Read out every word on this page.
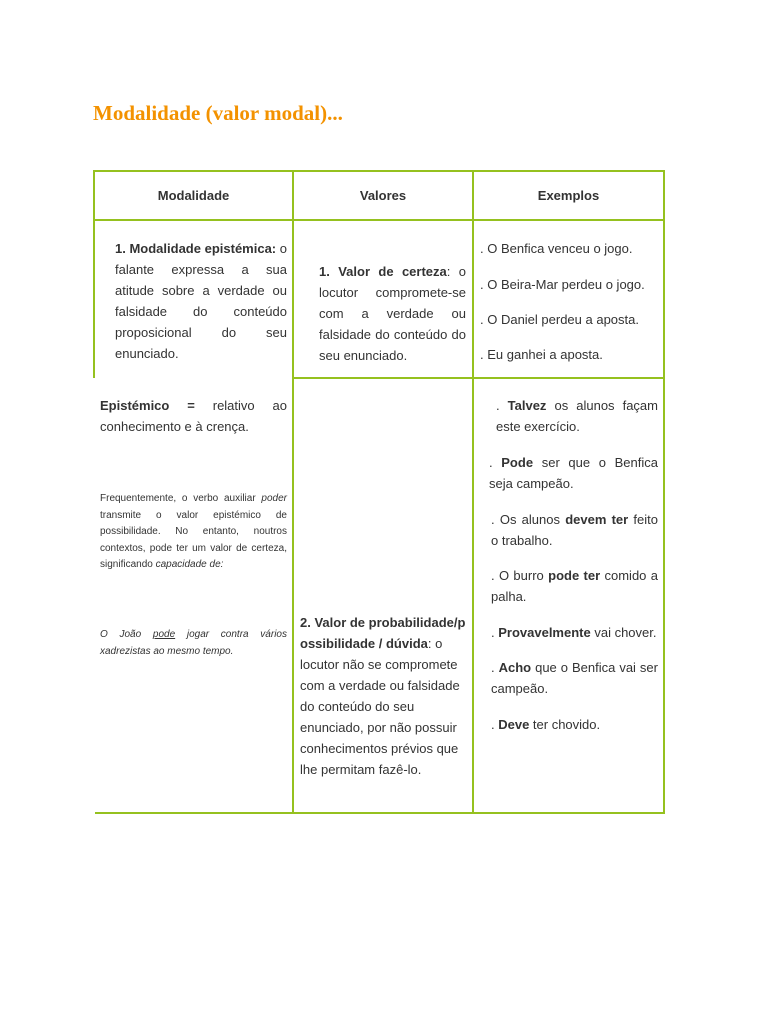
Modalidade (valor modal)...
Modalidade	Valores	Exemplos
1. Modalidade epistémica: o falante expressa a sua atitude sobre a verdade ou falsidade do conteúdo proposicional do seu enunciado.
1. Valor de certeza: o locutor compromete-se com a verdade ou falsidade do conteúdo do seu enunciado.
. O Benfica venceu o jogo.
. O Beira-Mar perdeu o jogo.
. O Daniel perdeu a aposta.
. Eu ganhei a aposta.
Epistémico = relativo ao conhecimento e à crença.
Frequentemente, o verbo auxiliar poder transmite o valor epistémico de possibilidade. No entanto, noutros contextos, pode ter um valor de certeza, significando capacidade de:
O João pode jogar contra vários xadrezistas ao mesmo tempo.
2. Valor de probabilidade/possibilidade / dúvida: o locutor não se compromete com a verdade ou falsidade do conteúdo do seu enunciado, por não possuir conhecimentos prévios que lhe permitam fazê-lo.
. Talvez os alunos façam este exercício.
. Pode ser que o Benfica seja campeão.
. Os alunos devem ter feito o trabalho.
. O burro pode ter comido a palha.
. Provavelmente vai chover.
. Acho que o Benfica vai ser campeão.
. Deve ter chovido.
